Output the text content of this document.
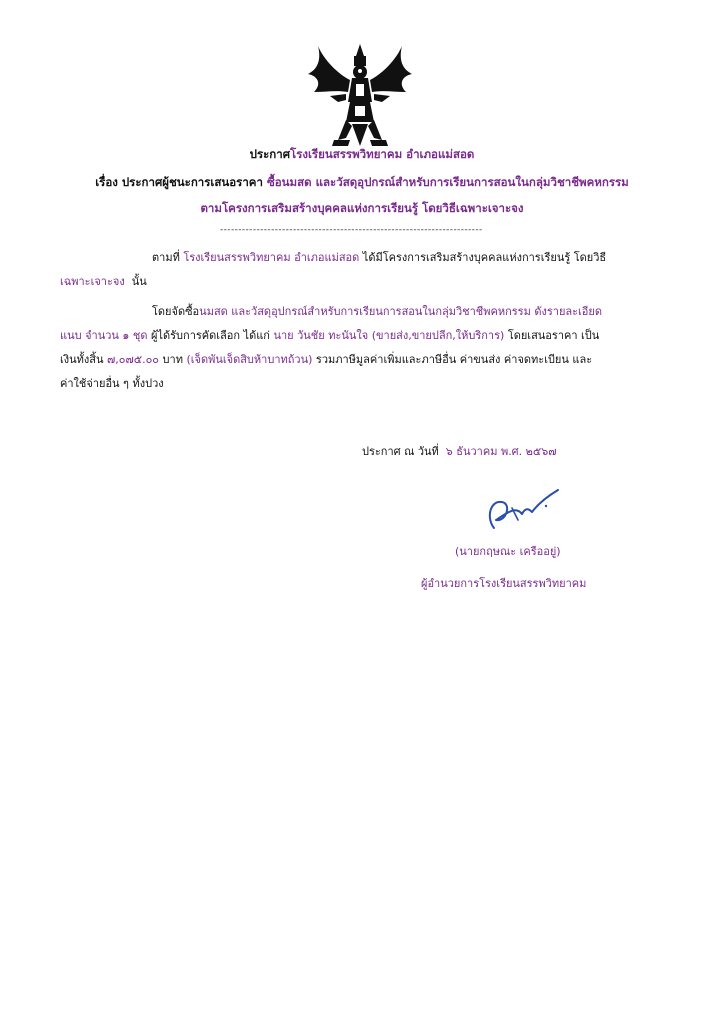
ประกาศโรงเรียนสรรพวิทยาคม อำเภอแม่สอด
เรื่อง ประกาศผู้ชนะการเสนอราคา ซื้อนมสด และวัสดุอุปกรณ์สำหรับการเรียนการสอนในกลุ่มวิชาชีพคหกรรม
ตามโครงการเสริมสร้างบุคคลแห่งการเรียนรู้ โดยวิธีเฉพาะเจาะจง
------------------------------------------------------------------------
ตามที่ โรงเรียนสรรพวิทยาคม อำเภอแม่สอด ได้มีโครงการเสริมสร้างบุคคลแห่งการเรียนรู้ โดยวิธี
เฉพาะเจาะจง นั้น
โดยจัดซื้อนมสด และวัสดุอุปกรณ์สำหรับการเรียนการสอนในกลุ่มวิชาชีพคหกรรม ดังรายละเอียด
แนบ จำนวน ๑ ชุด ผู้ได้รับการคัดเลือก ได้แก่ นาย วันชัย ทะนันใจ (ขายส่ง,ขายปลีก,ให้บริการ) โดยเสนอราคา เป็น
เงินทั้งสิ้น ๗,๐๗๕.๐๐ บาท (เจ็ดพันเจ็ดสิบห้าบาทถ้วน) รวมภาษีมูลค่าเพิ่มและภาษีอื่น ค่าขนส่ง ค่าจดทะเบียน และ
ค่าใช้จ่ายอื่น ๆ ทั้งปวง
ประกาศ ณ วันที่ ๖ ธันวาคม พ.ศ. ๒๕๖๗
(นายกฤษณะ เครืออยู่)
ผู้อำนวยการโรงเรียนสรรพวิทยาคม
